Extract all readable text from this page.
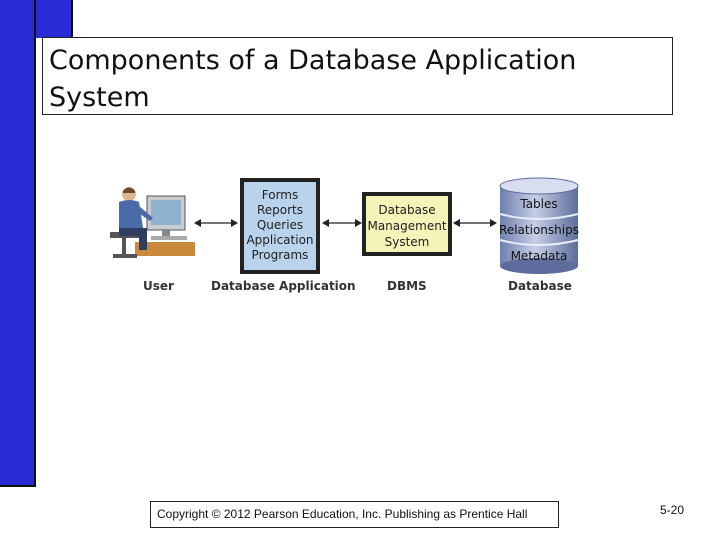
Components of a Database Application
System
Forms
Reports
Queries
Application
Programs
Database
Management
System
Tables
Relationships
Metadata
User	Database Application	DBMS	Database
Copyright © 2012 Pearson Education, Inc. Publishing as Prentice Hall	5-20
